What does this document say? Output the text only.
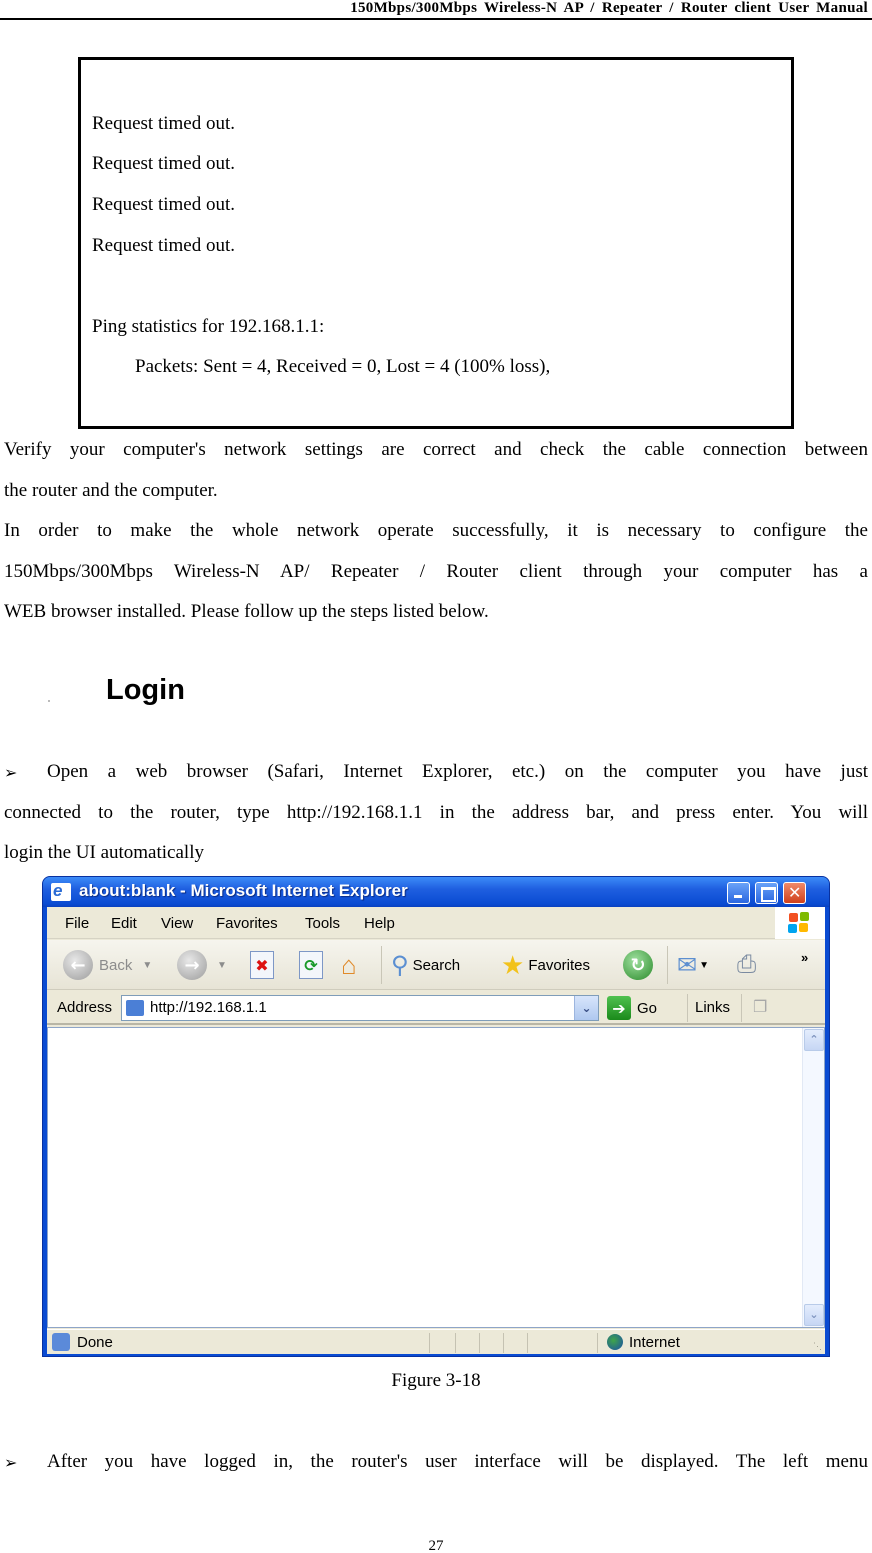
150Mbps/300Mbps Wireless-N AP / Repeater / Router client User Manual
Request timed out.
Request timed out.
Request timed out.
Request timed out.
Ping statistics for 192.168.1.1:
Packets: Sent = 4, Received = 0, Lost = 4 (100% loss),
Verify your computer's network settings are correct and check the cable connection between
the router and the computer.
In order to make the whole network operate successfully, it is necessary to configure the
150Mbps/300Mbps Wireless-N AP/ Repeater / Router client through your computer has a
WEB browser installed. Please follow up the steps listed below.
Login
➢ Open a web browser (Safari, Internet Explorer, etc.) on the computer you have just
connected to the router, type http://192.168.1.1 in the address bar, and press enter. You will
login the UI automatically
e about:blank - Microsoft Internet Explorer
✕
File Edit View Favorites Tools Help
← Back ▼	→	▼	✖	⟳ ⌂ ⚲ Search ★ Favorites	↻	✉ ▼ ⎙	»
Address	http://192.168.1.1	⌄	➔ Go	Links ❐
⌃
⌄
Done	Internet	⋱
Figure 3-18
➢ After you have logged in, the router's user interface will be displayed. The left menu
27
